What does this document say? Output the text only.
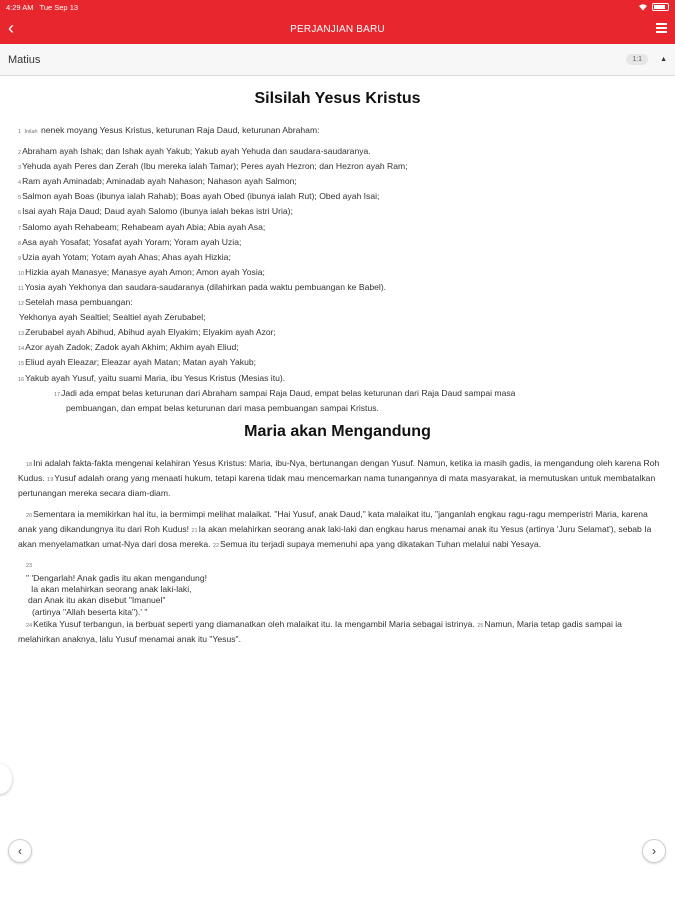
4:29 AM Tue Sep 13
‹	PERJANJIAN BARU
Matius	1:1	▲
Silsilah Yesus Kristus
1 Inilah nenek moyang Yesus Kristus, keturunan Raja Daud, keturunan Abraham:
2Abraham ayah Ishak; dan Ishak ayah Yakub; Yakub ayah Yehuda dan saudara-saudaranya.
3Yehuda ayah Peres dan Zerah (Ibu mereka ialah Tamar); Peres ayah Hezron; dan Hezron ayah Ram;
4Ram ayah Aminadab; Aminadab ayah Nahason; Nahason ayah Salmon;
5Salmon ayah Boas (ibunya ialah Rahab); Boas ayah Obed (ibunya ialah Rut); Obed ayah Isai;
6Isai ayah Raja Daud; Daud ayah Salomo (ibunya ialah bekas istri Uria);
7Salomo ayah Rehabeam; Rehabeam ayah Abia; Abia ayah Asa;
8Asa ayah Yosafat; Yosafat ayah Yoram; Yoram ayah Uzia;
9Uzia ayah Yotam; Yotam ayah Ahas; Ahas ayah Hizkia;
10Hizkia ayah Manasye; Manasye ayah Amon; Amon ayah Yosia;
11Yosia ayah Yekhonya dan saudara-saudaranya (dilahirkan pada waktu pembuangan ke Babel).
12Setelah masa pembuangan:
Yekhonya ayah Sealtiel; Sealtiel ayah Zerubabel;
13Zerubabel ayah Abihud, Abihud ayah Elyakim; Elyakim ayah Azor;
14Azor ayah Zadok; Zadok ayah Akhim; Akhim ayah Eliud;
15Eliud ayah Eleazar; Eleazar ayah Matan; Matan ayah Yakub;
16Yakub ayah Yusuf, yaitu suami Maria, ibu Yesus Kristus (Mesias itu).
17Jadi ada empat belas keturunan dari Abraham sampai Raja Daud, empat belas keturunan dari Raja Daud sampai masa
pembuangan, dan empat belas keturunan dari masa pembuangan sampai Kristus.
Maria akan Mengandung

18Ini adalah fakta-fakta mengenai kelahiran Yesus Kristus: Maria, ibu-Nya, bertunangan dengan Yusuf. Namun, ketika ia masih gadis, ia mengandung oleh karena Roh Kudus. 19Yusuf adalah orang yang menaati hukum, tetapi karena tidak mau mencemarkan nama tunangannya di mata masyarakat, ia memutuskan untuk membatalkan pertunangan mereka secara diam-diam.

20Sementara ia memikirkan hal itu, ia bermimpi melihat malaikat. "Hai Yusuf, anak Daud," kata malaikat itu, "janganlah engkau ragu-ragu memperistri Maria, karena anak yang dikandungnya itu dari Roh Kudus! 21Ia akan melahirkan seorang anak laki-laki dan engkau harus menamai anak itu Yesus (artinya 'Juru Selamat'), sebab Ia akan menyelamatkan umat-Nya dari dosa mereka. 22Semua itu terjadi supaya memenuhi apa yang dikatakan Tuhan melalui nabi Yesaya.

23
" 'Dengarlah! Anak gadis itu akan mengandung!
Ia akan melahirkan seorang anak laki-laki,
dan Anak itu akan disebut "Imanuel"
(artinya "Allah beserta kita").' "

24Ketika Yusuf terbangun, ia berbuat seperti yang diamanatkan oleh malaikat itu. Ia mengambil Maria sebagai istrinya. 25Namun, Maria tetap gadis sampai ia melahirkan anaknya, lalu Yusuf menamai anak itu "Yesus".

‹	›
